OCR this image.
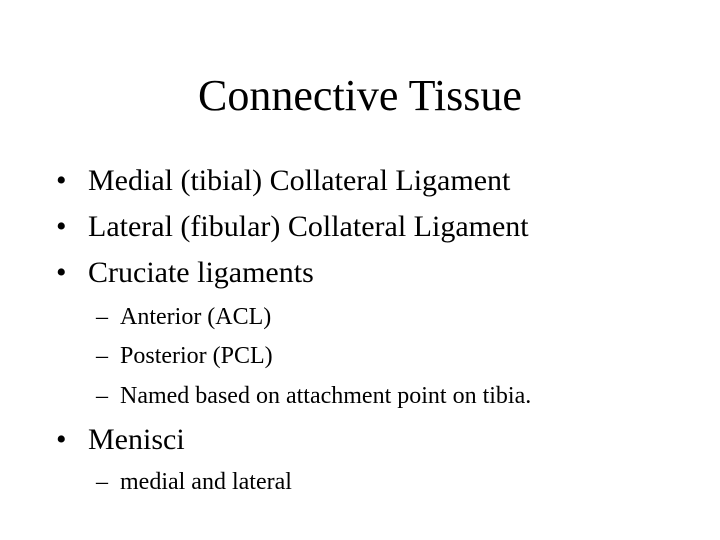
Connective Tissue
• Medial (tibial) Collateral Ligament
• Lateral (fibular) Collateral Ligament
• Cruciate ligaments
– Anterior (ACL)
– Posterior (PCL)
– Named based on attachment point on tibia.
• Menisci
– medial and lateral
